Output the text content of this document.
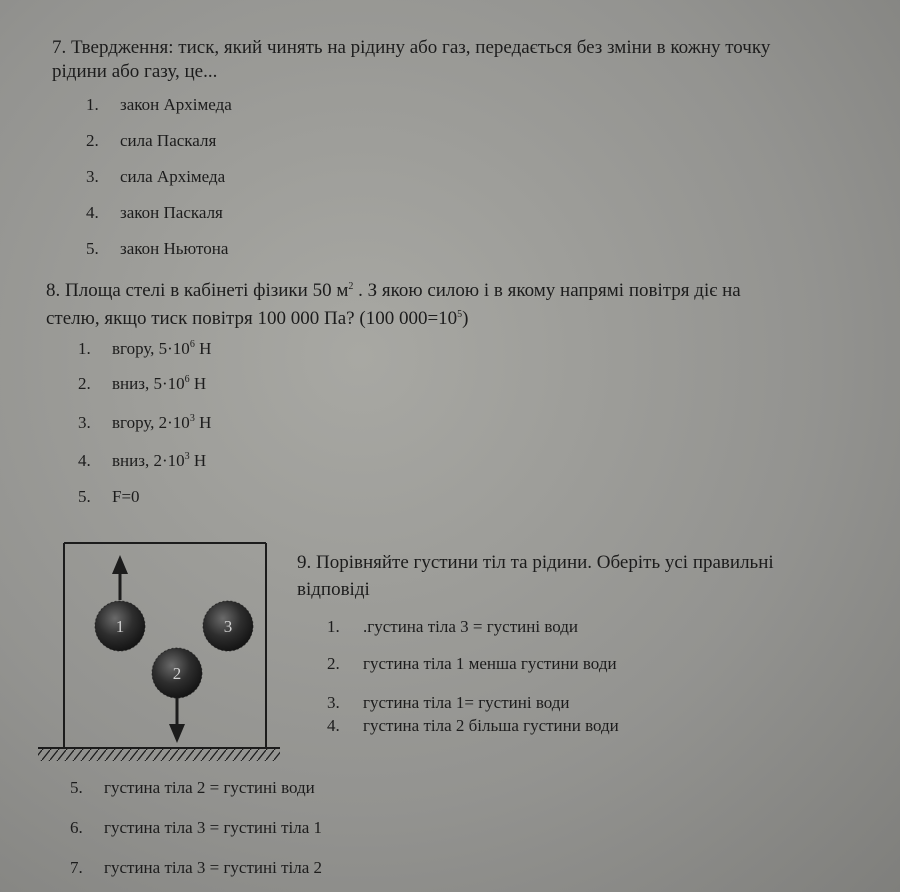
7. Твердження: тиск, який чинять на рідину або газ, передається без зміни в кожну точку
рідини або газу, це...
1. закон Архімеда
2. сила Паскаля
3. сила Архімеда
4. закон Паскаля
5. закон Ньютона
8. Площа стелі в кабінеті фізики 50 $м^2$ . З якою силою і в якому напрямі повітря діє на
стелю, якщо тиск повітря 100 000 Па? (100 $000=10^5$)
1. вгору, $5\cdot 10^6$ Н
2. вниз, $5\cdot 10^6$ Н
3. вгору, $2\cdot 10^3$ Н
4. вниз, $2\cdot 10^3$ Н
5. F=0
1	3
2
9. Порівняйте густини тіл та рідини. Оберіть усі правильні
відповіді
1. .густина тіла 3 = густині води
2. густина тіла 1 менша густини води
3. густина тіла 1= густині води
4. густина тіла 2 більша густини води
5. густина тіла 2 = густині води
6. густина тіла 3 = густині тіла 1
7. густина тіла 3 = густині тіла 2
